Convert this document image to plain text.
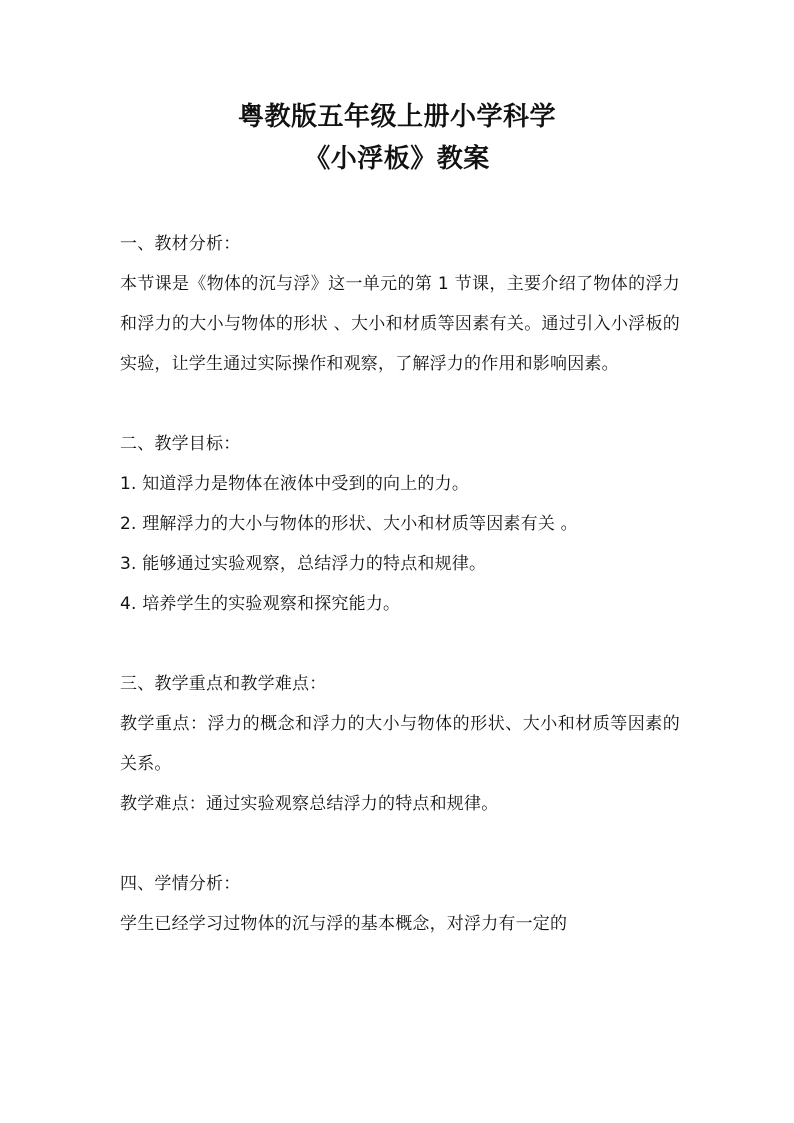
粤教版五年级上册小学科学
《小浮板》教案

一、教材分析：

本节课是《物体的沉与浮》这一单元的第 1 节课，主要介绍了物体的浮力和浮力的大小与物体的形状 、大小和材质等因素有关。通过引入小浮板的实验，让学生通过实际操作和观察，了解浮力的作用和影响因素。

二、教学目标：

1. 知道浮力是物体在液体中受到的向上的力。

2. 理解浮力的大小与物体的形状、大小和材质等因素有关 。

3. 能够通过实验观察，总结浮力的特点和规律。

4. 培养学生的实验观察和探究能力。

三、教学重点和教学难点：

教学重点：浮力的概念和浮力的大小与物体的形状、大小和材质等因素的关系。

教学难点：通过实验观察总结浮力的特点和规律。

四、学情分析：

学生已经学习过物体的沉与浮的基本概念，对浮力有一定的
